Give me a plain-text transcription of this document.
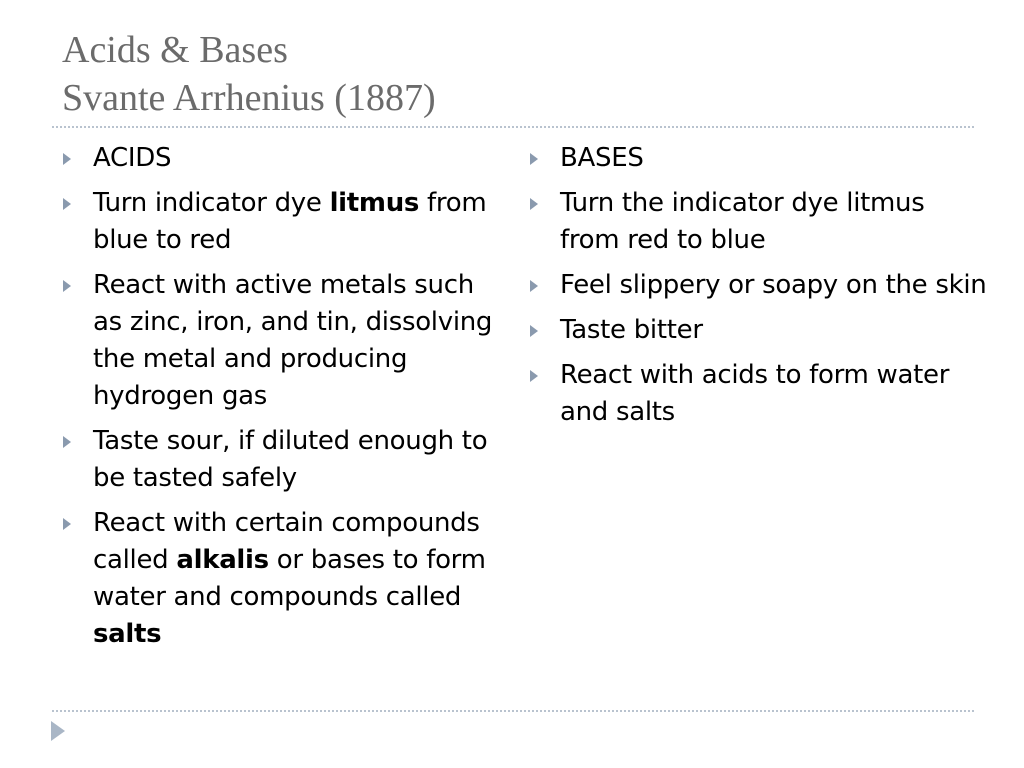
Acids & Bases
Svante Arrhenius (1887)
ACIDS
Turn indicator dye litmus from blue to red
React with active metals such as zinc, iron, and tin, dissolving the metal and producing hydrogen gas
Taste sour, if diluted enough to be tasted safely
React with certain compounds called alkalis or bases to form water and compounds called salts
BASES
Turn the indicator dye litmus from red to blue
Feel slippery or soapy on the skin
Taste bitter
React with acids to form water and salts
